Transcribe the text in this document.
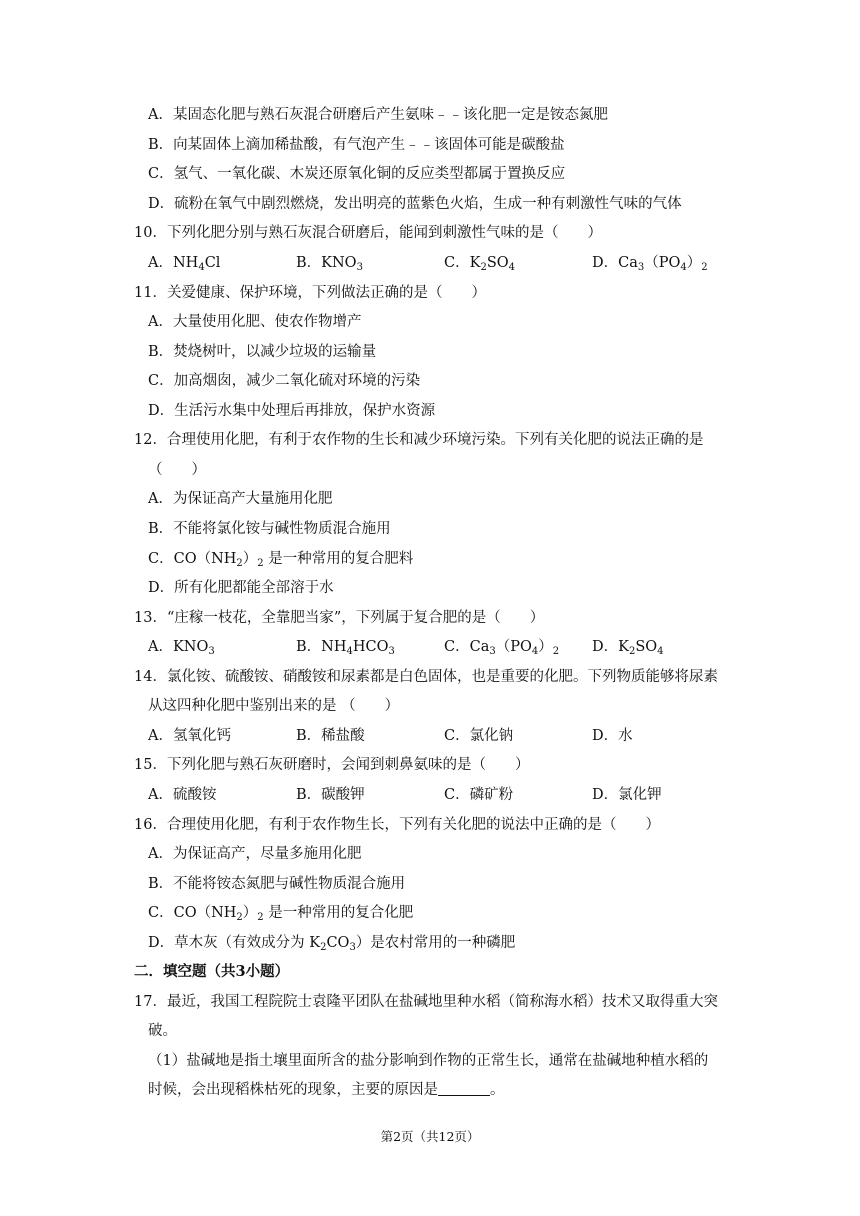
A．某固态化肥与熟石灰混合研磨后产生氨味﹣﹣该化肥一定是铵态氮肥
B．向某固体上滴加稀盐酸，有气泡产生﹣﹣该固体可能是碳酸盐
C．氢气、一氧化碳、木炭还原氧化铜的反应类型都属于置换反应
D．硫粉在氧气中剧烈燃烧，发出明亮的蓝紫色火焰，生成一种有刺激性气味的气体
10．下列化肥分别与熟石灰混合研磨后，能闻到刺激性气味的是（　　）
A．$NH_4Cl$	B．$KNO_3$	C．$K_2SO_4$	D．$Ca_3(PO_4)_2$
11．关爱健康、保护环境，下列做法正确的是（　　）
A．大量使用化肥、使农作物增产
B．焚烧树叶，以减少垃圾的运输量
C．加高烟囱，减少二氧化硫对环境的污染
D．生活污水集中处理后再排放，保护水资源
12．合理使用化肥，有利于农作物的生长和减少环境污染。下列有关化肥的说法正确的是
（　　）
A．为保证高产大量施用化肥
B．不能将氯化铵与碱性物质混合施用
C．$CO(NH_2)_2$ 是一种常用的复合肥料
D．所有化肥都能全部溶于水
13．“庄稼一枝花，全靠肥当家”，下列属于复合肥的是（　　）
A．$KNO_3$	B．$NH_4HCO_3$	C．$Ca_3(PO_4)_2$ D．$K_2SO_4$
14．氯化铵、硫酸铵、硝酸铵和尿素都是白色固体，也是重要的化肥。下列物质能够将尿素
从这四种化肥中鉴别出来的是 （　　）
A．氢氧化钙	B．稀盐酸	C．氯化钠	D．水
15．下列化肥与熟石灰研磨时，会闻到刺鼻氨味的是（　　）
A．硫酸铵	B．碳酸钾	C．磷矿粉	D．氯化钾
16．合理使用化肥，有利于农作物生长，下列有关化肥的说法中正确的是（　　）
A．为保证高产，尽量多施用化肥
B．不能将铵态氮肥与碱性物质混合施用
C．$CO(NH_2)_2$ 是一种常用的复合化肥
D．草木灰（有效成分为 $K_2CO_3$）是农村常用的一种磷肥
二．填空题（共3小题）
17．最近，我国工程院院士袁隆平团队在盐碱地里种水稻（简称海水稻）技术又取得重大突
破。
（1）盐碱地是指土壤里面所含的盐分影响到作物的正常生长，通常在盐碱地种植水稻的
时候，会出现稻株枯死的现象，主要的原因是	。
第2页（共12页）
